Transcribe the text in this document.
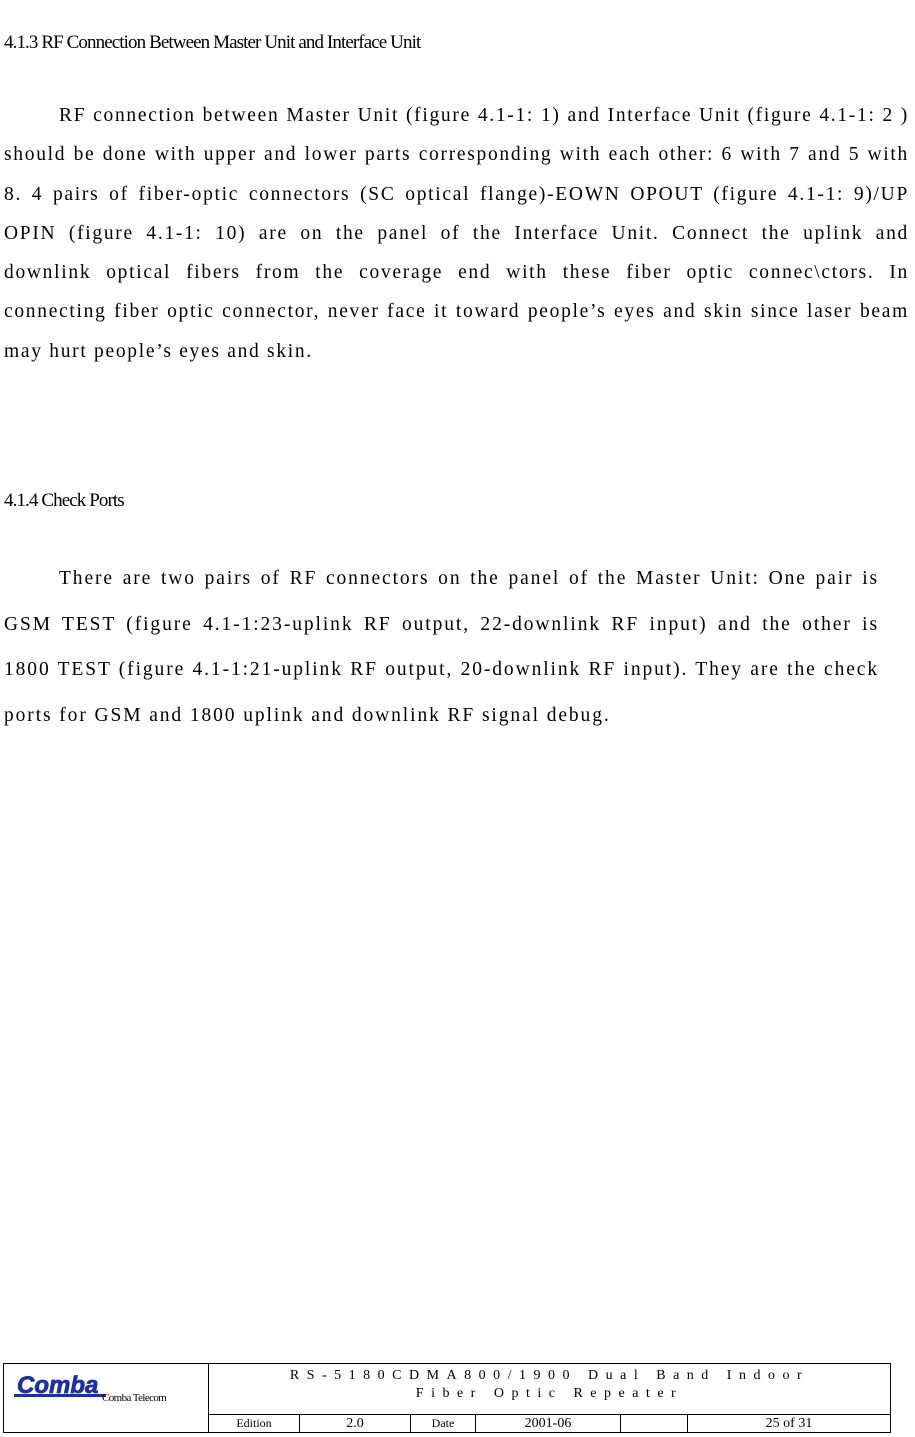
4.1.3 RF Connection Between Master Unit and Interface Unit

RF connection between Master Unit (figure 4.1-1: 1) and Interface Unit (figure 4.1-1: 2 ) should be done with upper and lower parts corresponding with each other: 6 with 7 and 5 with 8. 4 pairs of fiber-optic connectors (SC optical flange)-EOWN OPOUT (figure 4.1-1: 9)/UP OPIN (figure 4.1-1: 10) are on the panel of the Interface Unit. Connect the uplink and downlink optical fibers from the coverage end with these fiber optic connec\ctors. In connecting fiber optic connector, never face it toward people’s eyes and skin since laser beam may hurt people’s eyes and skin.

4.1.4 Check Ports

There are two pairs of RF connectors on the panel of the Master Unit: One pair is GSM TEST (figure 4.1-1:23-uplink RF output, 22-downlink RF input) and the other is 1800 TEST (figure 4.1-1:21-uplink RF output, 20-downlink RF input). They are the check ports for GSM and 1800 uplink and downlink RF signal debug.

Comba Comba Telecom
RS-5180CDMA800/1900 Dual Band Indoor Fiber Optic Repeater
Edition	2.0	Date	2001-06	25 of 31
